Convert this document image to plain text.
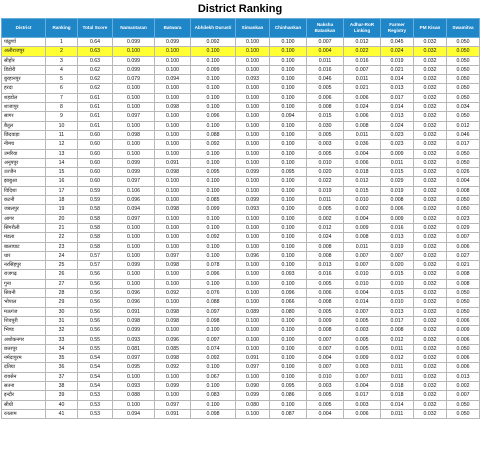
District Ranking
District	Ranking	Total Score	Namantaran	Batwara	Abhilekh Durusti	Simankan	Chinhankan	Naksha Batankan	Adhar-RoR Linking	Farmer Registry	PM Kisan	Swamitva
पांढुर्णा	1	0.64	0.099	0.099	0.092	0.100	0.100	0.007	0.012	0.045	0.032	0.050
अलीराजपुर	2	0.63	0.100	0.100	0.100	0.100	0.100	0.004	0.022	0.024	0.032	0.050
सीहोर	3	0.63	0.099	0.100	0.100	0.100	0.100	0.011	0.016	0.019	0.032	0.050
डिंडोरी	4	0.62	0.099	0.100	0.099	0.100	0.100	0.016	0.007	0.021	0.032	0.050
बुरहानपुर	5	0.62	0.079	0.094	0.100	0.093	0.100	0.046	0.011	0.014	0.032	0.050
हरदा	6	0.62	0.100	0.100	0.100	0.100	0.100	0.005	0.021	0.013	0.032	0.050
शहडोल	7	0.61	0.100	0.100	0.100	0.100	0.100	0.006	0.006	0.017	0.032	0.050
शाजापुर	8	0.61	0.100	0.098	0.100	0.100	0.100	0.008	0.024	0.014	0.032	0.034
सागर	9	0.61	0.097	0.100	0.096	0.100	0.094	0.015	0.006	0.013	0.032	0.050
बैतूल	10	0.61	0.100	0.100	0.100	0.100	0.100	0.030	0.008	0.024	0.032	0.012
छिंदवाड़ा	11	0.60	0.098	0.100	0.088	0.100	0.100	0.005	0.011	0.023	0.032	0.046
नीमच	12	0.60	0.100	0.100	0.092	0.100	0.100	0.003	0.036	0.023	0.032	0.017
उमरिया	13	0.60	0.100	0.100	0.100	0.100	0.100	0.005	0.004	0.009	0.032	0.050
अनूपपुर	14	0.60	0.099	0.091	0.100	0.100	0.100	0.010	0.006	0.011	0.032	0.050
उज्जैन	15	0.60	0.099	0.098	0.095	0.099	0.095	0.020	0.018	0.015	0.032	0.026
झाबुआ	16	0.60	0.097	0.100	0.100	0.100	0.100	0.022	0.012	0.029	0.032	0.004
विदिशा	17	0.59	0.106	0.100	0.100	0.100	0.100	0.019	0.015	0.019	0.032	0.008
कटनी	18	0.59	0.096	0.100	0.085	0.099	0.100	0.011	0.010	0.008	0.032	0.050
जबलपुर	19	0.58	0.094	0.098	0.099	0.093	0.100	0.005	0.002	0.006	0.032	0.050
आगर	20	0.58	0.097	0.100	0.100	0.100	0.100	0.002	0.004	0.009	0.032	0.023
सिंगरौली	21	0.58	0.100	0.100	0.100	0.100	0.100	0.012	0.009	0.016	0.032	0.029
मंडला	22	0.58	0.100	0.100	0.092	0.100	0.100	0.024	0.008	0.013	0.032	0.007
बालाघाट	23	0.58	0.100	0.100	0.100	0.100	0.100	0.008	0.011	0.019	0.032	0.006
धार	24	0.57	0.100	0.097	0.100	0.096	0.100	0.008	0.007	0.007	0.032	0.027
नरसिंहपुर	25	0.57	0.099	0.098	0.078	0.100	0.100	0.013	0.007	0.020	0.032	0.021
राजगढ़	26	0.56	0.100	0.100	0.096	0.100	0.093	0.016	0.010	0.015	0.032	0.008
गुना	27	0.56	0.100	0.100	0.100	0.100	0.100	0.005	0.010	0.010	0.032	0.008
सिवनी	28	0.56	0.096	0.092	0.076	0.100	0.096	0.006	0.004	0.015	0.032	0.050
भोपाल	29	0.56	0.096	0.100	0.088	0.100	0.066	0.008	0.014	0.010	0.032	0.050
मऊगंज	30	0.56	0.091	0.098	0.097	0.089	0.080	0.005	0.007	0.013	0.032	0.050
शिवपुरी	31	0.56	0.098	0.098	0.098	0.100	0.100	0.009	0.005	0.017	0.032	0.006
भिण्ड	32	0.56	0.099	0.100	0.100	0.100	0.100	0.008	0.003	0.008	0.032	0.009
अशोकनगर	33	0.55	0.093	0.096	0.097	0.100	0.100	0.007	0.005	0.012	0.032	0.006
छतरपुर	34	0.55	0.081	0.085	0.074	0.100	0.100	0.007	0.005	0.011	0.032	0.050
नर्मदापुरम	35	0.54	0.097	0.098	0.092	0.091	0.100	0.004	0.009	0.012	0.032	0.006
दतिया	36	0.54	0.095	0.092	0.100	0.097	0.100	0.007	0.003	0.011	0.032	0.006
रायसेन	37	0.54	0.100	0.100	0.067	0.100	0.100	0.010	0.007	0.011	0.032	0.013
सतना	38	0.54	0.093	0.099	0.100	0.090	0.095	0.003	0.004	0.018	0.032	0.002
इन्दौर	39	0.53	0.088	0.100	0.083	0.099	0.086	0.005	0.017	0.018	0.032	0.007
सीधी	40	0.53	0.100	0.097	0.100	0.080	0.100	0.005	0.003	0.014	0.032	0.050
रतलाम	41	0.53	0.094	0.091	0.098	0.100	0.087	0.004	0.006	0.011	0.032	0.050
